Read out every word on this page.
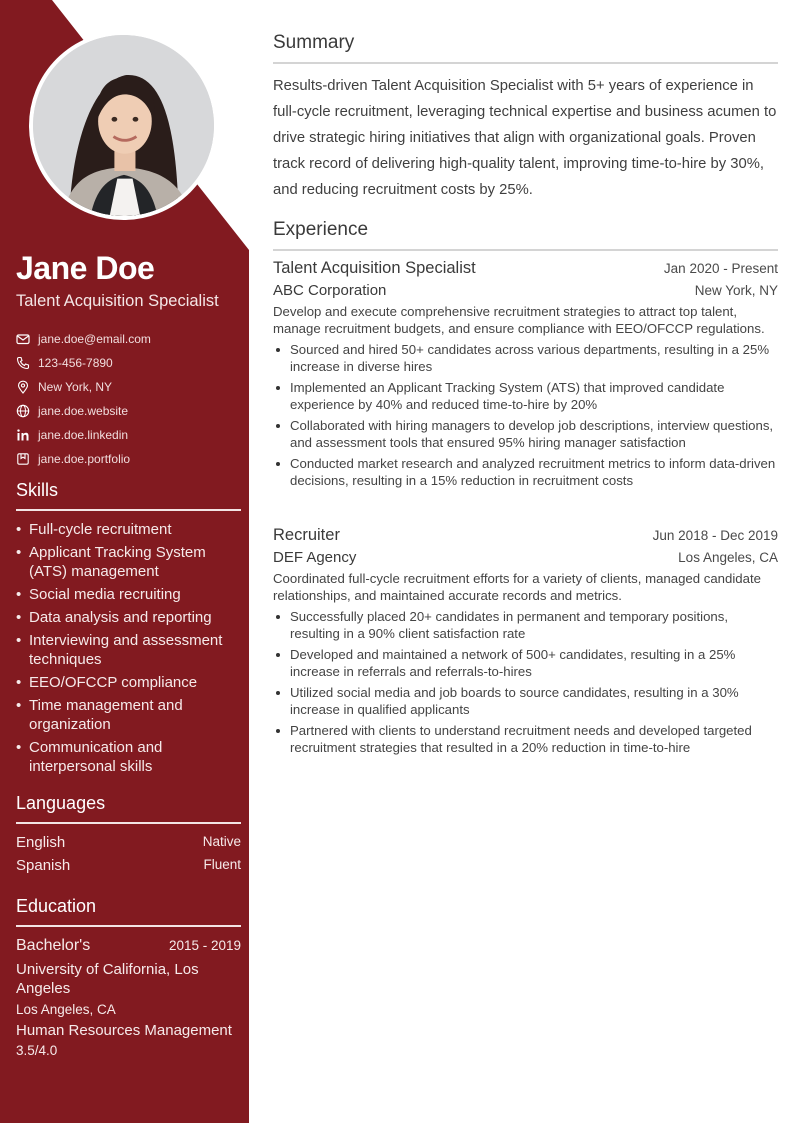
Jane Doe
Talent Acquisition Specialist
jane.doe@email.com
123-456-7890
New York, NY
jane.doe.website
jane.doe.linkedin
jane.doe.portfolio
Skills
• Full-cycle recruitment
• Applicant Tracking System (ATS) management
• Social media recruiting
• Data analysis and reporting
• Interviewing and assessment techniques
• EEO/OFCCP compliance
• Time management and organization
• Communication and interpersonal skills
Languages
English	Native
Spanish	Fluent
Education
Bachelor's	2015 - 2019
University of California, Los Angeles
Los Angeles, CA
Human Resources Management
3.5/4.0
Summary

Results-driven Talent Acquisition Specialist with 5+ years of experience in full-cycle recruitment, leveraging technical expertise and business acumen to drive strategic hiring initiatives that align with organizational goals. Proven track record of delivering high-quality talent, improving time-to-hire by 30%, and reducing recruitment costs by 25%.

Experience
Talent Acquisition Specialist	Jan 2020 - Present
ABC Corporation	New York, NY

Develop and execute comprehensive recruitment strategies to attract top talent, manage recruitment budgets, and ensure compliance with EEO/OFCCP regulations.

Sourced and hired 50+ candidates across various departments, resulting in a 25% increase in diverse hires
Implemented an Applicant Tracking System (ATS) that improved candidate experience by 40% and reduced time-to-hire by 20%
Collaborated with hiring managers to develop job descriptions, interview questions, and assessment tools that ensured 95% hiring manager satisfaction
Conducted market research and analyzed recruitment metrics to inform data-driven decisions, resulting in a 15% reduction in recruitment costs
Recruiter	Jun 2018 - Dec 2019
DEF Agency	Los Angeles, CA

Coordinated full-cycle recruitment efforts for a variety of clients, managed candidate relationships, and maintained accurate records and metrics.

Successfully placed 20+ candidates in permanent and temporary positions, resulting in a 90% client satisfaction rate
Developed and maintained a network of 500+ candidates, resulting in a 25% increase in referrals and referrals-to-hires
Utilized social media and job boards to source candidates, resulting in a 30% increase in qualified applicants
Partnered with clients to understand recruitment needs and developed targeted recruitment strategies that resulted in a 20% reduction in time-to-hire
